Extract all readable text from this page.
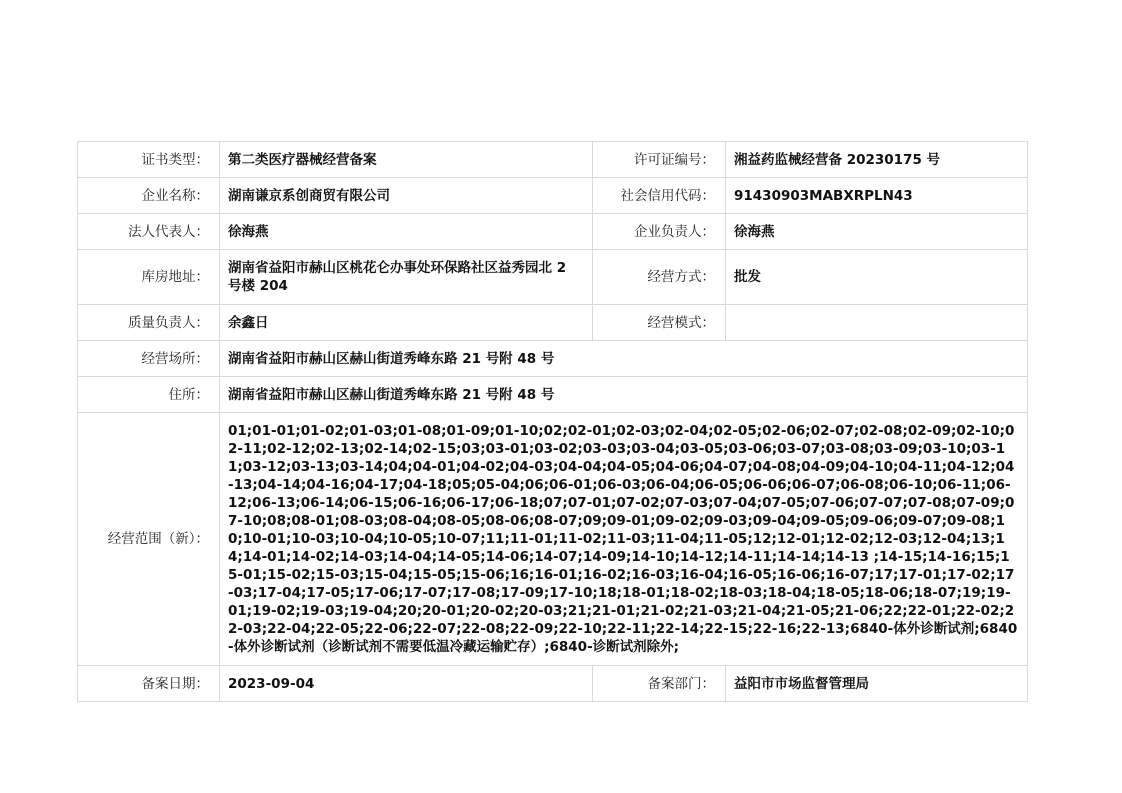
证书类型：	第二类医疗器械经营备案	许可证编号：	湘益药监械经营备 20230175 号
企业名称：	湖南谦京系创商贸有限公司	社会信用代码：	91430903MABXRPLN43
法人代表人：	徐海燕	企业负责人：	徐海燕
库房地址：	湖南省益阳市赫山区桃花仑办事处环保路社区益秀园北 2 号楼 204	经营方式：	批发
质量负责人：	余鑫日	经营模式：	
经营场所：	湖南省益阳市赫山区赫山街道秀峰东路 21 号附 48 号		
住所：	湖南省益阳市赫山区赫山街道秀峰东路 21 号附 48 号		
经营范围（新）：	01;01-01;01-02;01-03;01-08;01-09;01-10;02;02-01;02-03;02-04;02-05;02-06;02-07;02-08;02-09;02-10;02-11;02-12;02-13;02-14;02-15;03;03-01;03-02;03-03;03-04;03-05;03-06;03-07;03-08;03-09;03-10;03-11;03-12;03-13;03-14;04;04-01;04-02;04-03;04-04;04-05;04-06;04-07;04-08;04-09;04-10;04-11;04-12;04-13;04-14;04-16;04-17;04-18;05;05-04;06;06-01;06-03;06-04;06-05;06-06;06-07;06-08;06-10;06-11;06-12;06-13;06-14;06-15;06-16;06-17;06-18;07;07-01;07-02;07-03;07-04;07-05;07-06;07-07;07-08;07-09;07-10;08;08-01;08-03;08-04;08-05;08-06;08-07;09;09-01;09-02;09-03;09-04;09-05;09-06;09-07;09-08;10;10-01;10-03;10-04;10-05;10-07;11;11-01;11-02;11-03;11-04;11-05;12;12-01;12-02;12-03;12-04;13;14;14-01;14-02;14-03;14-04;14-05;14-06;14-07;14-09;14-10;14-12;14-11;14-14;14-13 ;14-15;14-16;15;15-01;15-02;15-03;15-04;15-05;15-06;16;16-01;16-02;16-03;16-04;16-05;16-06;16-07;17;17-01;17-02;17-03;17-04;17-05;17-06;17-07;17-08;17-09;17-10;18;18-01;18-02;18-03;18-04;18-05;18-06;18-07;19;19-01;19-02;19-03;19-04;20;20-01;20-02;20-03;21;21-01;21-02;21-03;21-04;21-05;21-06;22;22-01;22-02;22-03;22-04;22-05;22-06;22-07;22-08;22-09;22-10;22-11;22-14;22-15;22-16;22-13;6840-体外诊断试剂;6840-体外诊断试剂（诊断试剂不需要低温冷藏运输贮存）;6840-诊断试剂除外;		
备案日期：	2023-09-04	备案部门：	益阳市市场监督管理局
